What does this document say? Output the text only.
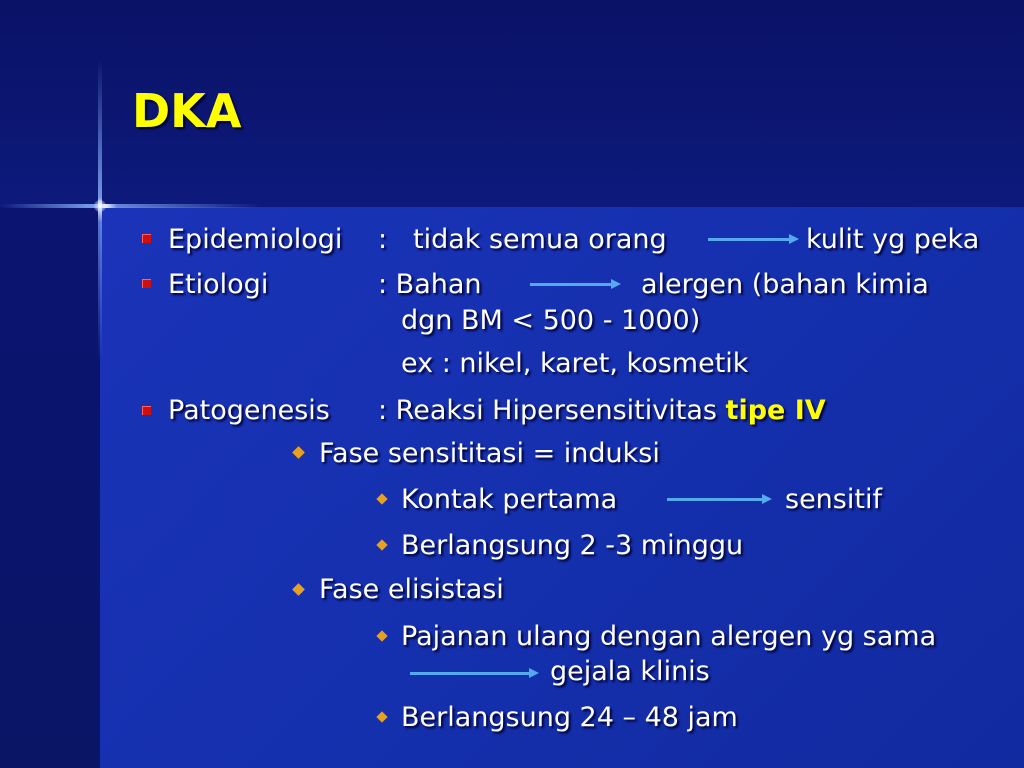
DKA
Epidemiologi : tidak semua orang	kulit yg peka
Etiologi	: Bahan	alergen (bahan kimia
dgn BM < 500 - 1000)
ex : nikel, karet, kosmetik
Patogenesis : Reaksi Hipersensitivitas tipe IV
Fase sensititasi = induksi
Kontak pertama	sensitif
Berlangsung 2 -3 minggu
Fase elisistasi
Pajanan ulang dengan alergen yg sama
gejala klinis
Berlangsung 24 – 48 jam
